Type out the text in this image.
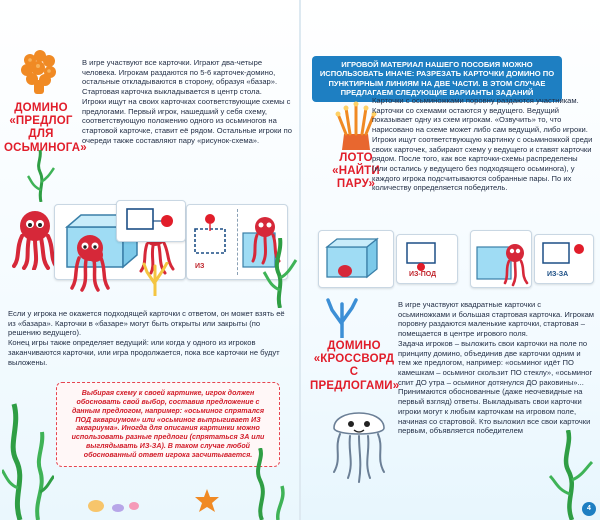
ДОМИНО
«ПРЕДЛОГ ДЛЯ
ОСЬМИНОГА»

В игре участвуют все карточки. Играют два-четыре человека. Игрокам раздаются по 5-6 карточек-домино, остальные откладываются в сторону, образуя «базар». Стартовая карточка выкладывается в центр стола.

Игроки ищут на своих карточках соответствующие схемы с предлогами. Первый игрок, нашедший у себя схему, соответствующую положению одного из осьминогов на стартовой карточке, ставит её рядом. Остальные игроки по очереди также составляют пару «рисунок-схема».

ИЗ

Если у игрока не окажется подходящей карточки с ответом, он может взять её из «базара». Карточки в «базаре» могут быть открыты или закрыты (по решению ведущего).

Конец игры также определяет ведущий: или когда у одного из игроков заканчиваются карточки, или игра продолжается, пока все карточки не будут выложены.

Выбирая схему к своей картинке, игрок должен обосновать свой выбор, составив предложение с данным предлогом, например: «осьминог спрятался ПОД аквариумом» или «осьминог выпрыгивает ИЗ аквариума». Иногда для описания картинки можно использовать разные предлоги (спрятаться ЗА или выглядывать ИЗ-ЗА). В таком случае любой обоснованный ответ игрока засчитывается.
ИГРОВОЙ МАТЕРИАЛ НАШЕГО ПОСОБИЯ МОЖНО ИСПОЛЬЗОВАТЬ ИНАЧЕ: РАЗРЕЗАТЬ КАРТОЧКИ ДОМИНО ПО ПУНКТИРНЫМ ЛИНИЯМ НА ДВЕ ЧАСТИ. В ЭТОМ СЛУЧАЕ ПРЕДЛАГАЕМ СЛЕДУЮЩИЕ ВАРИАНТЫ ЗАДАНИЙ
ЛОТО
«НАЙТИ ПАРУ»
Карточки с осьминожками поровну раздаются участникам. Карточки со схемами остаются у ведущего. Ведущий показывает одну из схем игрокам. «Озвучить» то, что нарисовано на схеме может либо сам ведущий, либо игроки. Игроки ищут соответствующую картинку с осьминожкой среди своих карточек, забирают схему у ведущего и ставят карточки рядом. После того, как все карточки-схемы распределены (или остались у ведущего без подходящего осьминога), у каждого игрока подсчитываются собранные пары. По их количеству определяется победитель.
ИЗ-ПОД	ИЗ-ЗА
ДОМИНО
«КРОССВОРД
С ПРЕДЛОГАМИ»

В игре участвуют квадратные карточки с осьминожками и большая стартовая карточка. Игрокам поровну раздаются маленькие карточки, стартовая – помещается в центре игрового поля.

Задача игроков – выложить свои карточки на поле по принципу домино, объединив две карточки одним и тем же предлогом, например: «осьминог идёт ПО камешкам – осьминог скользит ПО стеклу», «осьминог спит ДО утра – осьминог дотянулся ДО раковины»... Принимаются обоснованные (даже неочевидные на первый взгляд) ответы. Выкладывать свои карточки игроки могут к любым карточкам на игровом поле, начиная со стартовой. Кто выложил все свои карточки первым, объявляется победителем

4
